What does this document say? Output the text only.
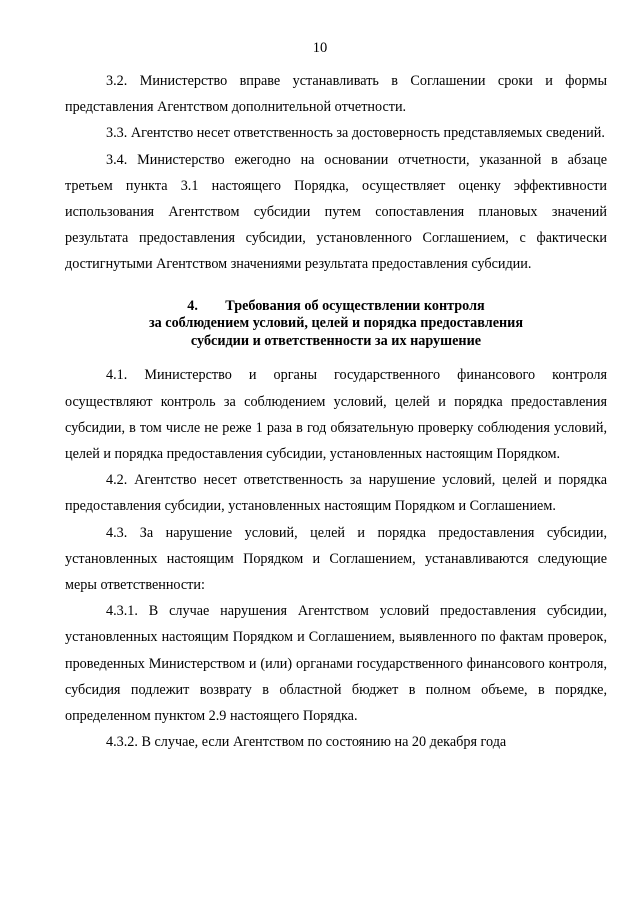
10

3.2. Министерство вправе устанавливать в Соглашении сроки и формы представления Агентством дополнительной отчетности.

3.3. Агентство несет ответственность за достоверность представляемых сведений.

3.4. Министерство ежегодно на основании отчетности, указанной в абзаце третьем пункта 3.1 настоящего Порядка, осуществляет оценку эффективности использования Агентством субсидии путем сопоставления плановых значений результата предоставления субсидии, установленного Соглашением, с фактически достигнутыми Агентством значениями результата предоставления субсидии.

4. Требования об осуществлении контроля
за соблюдением условий, целей и порядка предоставления
субсидии и ответственности за их нарушение

4.1. Министерство и органы государственного финансового контроля осуществляют контроль за соблюдением условий, целей и порядка предоставления субсидии, в том числе не реже 1 раза в год обязательную проверку соблюдения условий, целей и порядка предоставления субсидии, установленных настоящим Порядком.

4.2. Агентство несет ответственность за нарушение условий, целей и порядка предоставления субсидии, установленных настоящим Порядком и Соглашением.

4.3. За нарушение условий, целей и порядка предоставления субсидии, установленных настоящим Порядком и Соглашением, устанавливаются следующие меры ответственности:

4.3.1. В случае нарушения Агентством условий предоставления субсидии, установленных настоящим Порядком и Соглашением, выявленного по фактам проверок, проведенных Министерством и (или) органами государственного финансового контроля, субсидия подлежит возврату в областной бюджет в полном объеме, в порядке, определенном пунктом 2.9 настоящего Порядка.

4.3.2. В случае, если Агентством по состоянию на 20 декабря года
